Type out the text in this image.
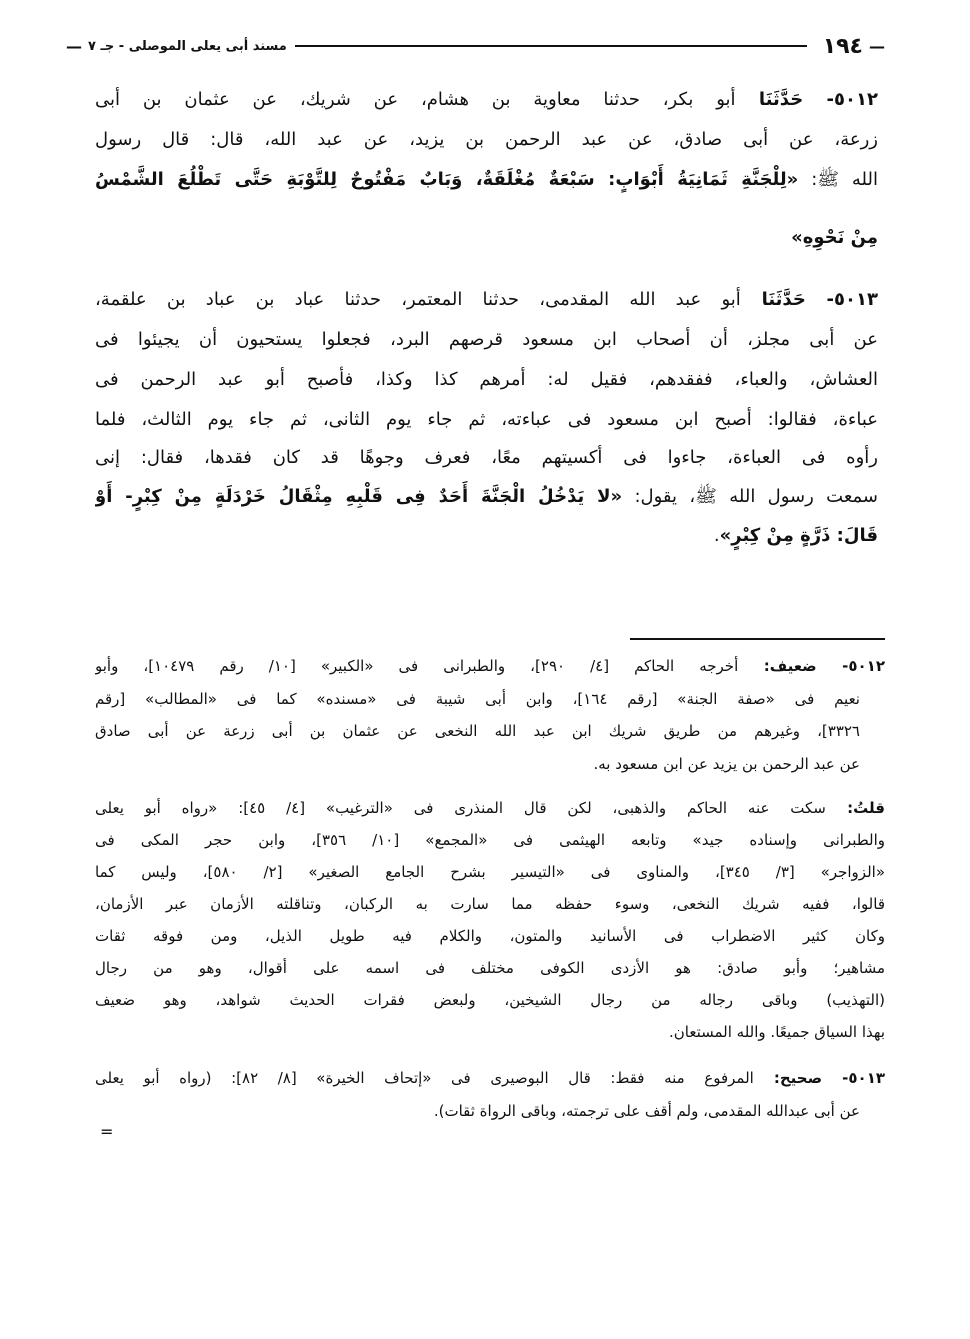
—
١٩٤
مسند أبى يعلى الموصلى - جـ ٧
—
٥٠١٢- حَدَّثَنَا أبو بكر، حدثنا معاوية بن هشام، عن شريك، عن عثمان بن أبى
زرعة، عن أبى صادق، عن عبد الرحمن بن يزيد، عن عبد الله، قال: قال رسول
الله ﷺ: «لِلْجَنَّةِ ثَمَانِيَةُ أَبْوَابٍ: سَبْعَةٌ مُغْلَقَةٌ، وَبَابٌ مَفْتُوحٌ لِلتَّوْبَةِ حَتَّى تَطْلُعَ الشَّمْسُ
مِنْ نَحْوِهِ»
٥٠١٣- حَدَّثَنَا أبو عبد الله المقدمى، حدثنا المعتمر، حدثنا عباد بن عباد بن علقمة،
عن أبى مجلز، أن أصحاب ابن مسعود قرصهم البرد، فجعلوا يستحيون أن يجيئوا فى
العشاش، والعباء، ففقدهم، فقيل له: أمرهم كذا وكذا، فأصبح أبو عبد الرحمن فى
عباءة، فقالوا: أصبح ابن مسعود فى عباءته، ثم جاء يوم الثانى، ثم جاء يوم الثالث، فلما
رأوه فى العباءة، جاءوا فى أكسيتهم معًا، فعرف وجوهًا قد كان فقدها، فقال: إنى
سمعت رسول الله ﷺ، يقول: «لا يَدْخُلُ الْجَنَّةَ أَحَدٌ فِى قَلْبِهِ مِثْقَالُ خَرْدَلَةٍ مِنْ كِبْرٍ- أَوْ
قَالَ: ذَرَّةٍ مِنْ كِبْرٍ».
٥٠١٢- ضعيف: أخرجه الحاكم [٤/ ٢٩٠]، والطبرانى فى «الكبير» [١٠/ رقم ١٠٤٧٩]، وأبو
نعيم فى «صفة الجنة» [رقم ١٦٤]، وابن أبى شيبة فى «مسنده» كما فى «المطالب» [رقم
٣٣٢٦]، وغيرهم من طريق شريك ابن عبد الله النخعى عن عثمان بن أبى زرعة عن أبى صادق
عن عبد الرحمن بن يزيد عن ابن مسعود به.
قلتُ: سكت عنه الحاكم والذهبى، لكن قال المنذرى فى «الترغيب» [٤/ ٤٥]: «رواه أبو يعلى
والطبرانى وإسناده جيد» وتابعه الهيثمى فى «المجمع» [١٠/ ٣٥٦]، وابن حجر المكى فى
«الزواجر» [٣/ ٣٤٥]، والمناوى فى «التيسير بشرح الجامع الصغير» [٢/ ٥٨٠]، وليس كما
قالوا، ففيه شريك النخعى، وسوء حفظه مما سارت به الركبان، وتناقلته الأزمان عبر الأزمان،
وكان كثير الاضطراب فى الأسانيد والمتون، والكلام فيه طويل الذيل، ومن فوقه ثقات
مشاهير؛ وأبو صادق: هو الأزدى الكوفى مختلف فى اسمه على أقوال، وهو من رجال
(التهذيب) وباقى رجاله من رجال الشيخين، ولبعض فقرات الحديث شواهد، وهو ضعيف
بهذا السياق جميعًا. والله المستعان.
٥٠١٣- صحيح: المرفوع منه فقط: قال البوصيرى فى «إتحاف الخيرة» [٨/ ٨٢]: (رواه أبو يعلى
عن أبى عبدالله المقدمى، ولم أقف على ترجمته، وباقى الرواة ثقات).
=
